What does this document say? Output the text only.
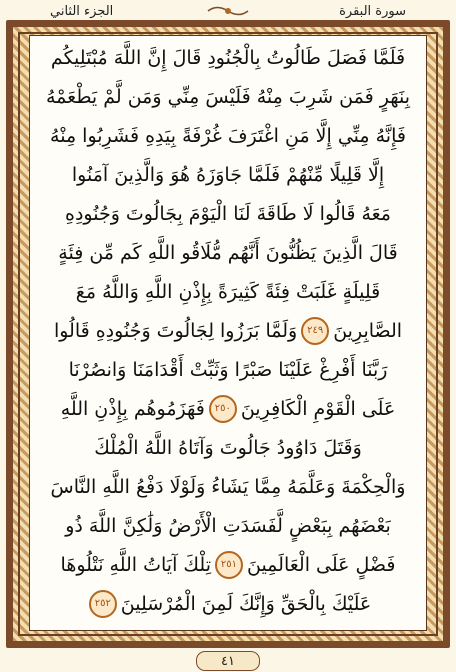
الجزء الثاني	سورة البقرة
فَلَمَّا فَصَلَ طَالُوتُ بِالْجُنُودِ قَالَ إِنَّ اللَّهَ مُبْتَلِيكُم
بِنَهَرٍ فَمَن شَرِبَ مِنْهُ فَلَيْسَ مِنِّي وَمَن لَّمْ يَطْعَمْهُ
فَإِنَّهُ مِنِّي إِلَّا مَنِ اغْتَرَفَ غُرْفَةً بِيَدِهِ فَشَرِبُوا مِنْهُ
إِلَّا قَلِيلًا مِّنْهُمْ فَلَمَّا جَاوَزَهُ هُوَ وَالَّذِينَ آمَنُوا
مَعَهُ قَالُوا لَا طَاقَةَ لَنَا الْيَوْمَ بِجَالُوتَ وَجُنُودِهِ
قَالَ الَّذِينَ يَظُنُّونَ أَنَّهُم مُّلَاقُو اللَّهِ كَم مِّن فِئَةٍ
قَلِيلَةٍ غَلَبَتْ فِئَةً كَثِيرَةً بِإِذْنِ اللَّهِ وَاللَّهُ مَعَ
الصَّابِرِينَ
٢٤٩
وَلَمَّا بَرَزُوا لِجَالُوتَ وَجُنُودِهِ قَالُوا
رَبَّنَا أَفْرِغْ عَلَيْنَا صَبْرًا وَثَبِّتْ أَقْدَامَنَا وَانصُرْنَا
عَلَى الْقَوْمِ الْكَافِرِينَ
٢٥٠
فَهَزَمُوهُم بِإِذْنِ اللَّهِ
وَقَتَلَ دَاوُودُ جَالُوتَ وَآتَاهُ اللَّهُ الْمُلْكَ
وَالْحِكْمَةَ وَعَلَّمَهُ مِمَّا يَشَاءُ وَلَوْلَا دَفْعُ اللَّهِ النَّاسَ
بَعْضَهُم بِبَعْضٍ لَّفَسَدَتِ الْأَرْضُ وَلَٰكِنَّ اللَّهَ ذُو
فَضْلٍ عَلَى الْعَالَمِينَ
٢٥١
تِلْكَ آيَاتُ اللَّهِ نَتْلُوهَا
عَلَيْكَ بِالْحَقِّ وَإِنَّكَ لَمِنَ الْمُرْسَلِينَ
٢٥٢
٤١
